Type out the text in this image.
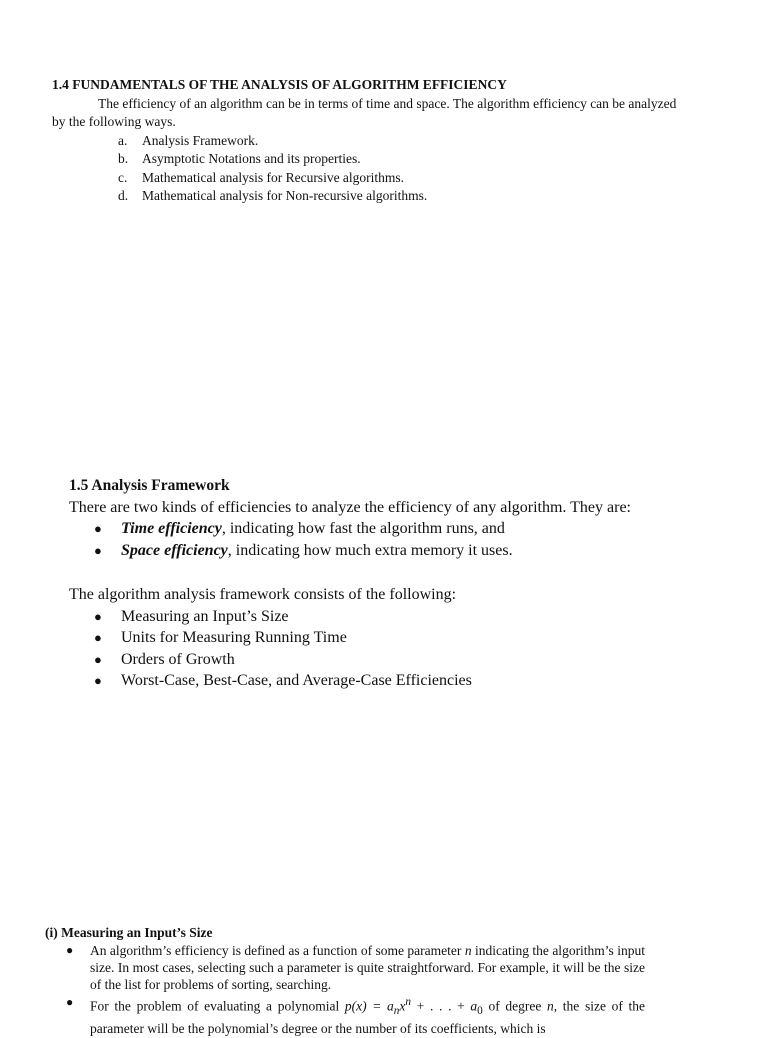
1.4 FUNDAMENTALS OF THE ANALYSIS OF ALGORITHM EFFICIENCY

The efficiency of an algorithm can be in terms of time and space. The algorithm efficiency can be analyzed by the following ways.

a.	Analysis Framework.
b.	Asymptotic Notations and its properties.
c.	Mathematical analysis for Recursive algorithms.
d.	Mathematical analysis for Non-recursive algorithms.

1.5 Analysis Framework

There are two kinds of efficiencies to analyze the efficiency of any algorithm. They are:

●	Time efficiency, indicating how fast the algorithm runs, and
●	Space efficiency, indicating how much extra memory it uses.

The algorithm analysis framework consists of the following:

●	Measuring an Input’s Size
●	Units for Measuring Running Time
●	Orders of Growth
●	Worst-Case, Best-Case, and Average-Case Efficiencies

(i) Measuring an Input’s Size

●	An algorithm’s efficiency is defined as a function of some parameter n indicating the algorithm’s input size. In most cases, selecting such a parameter is quite straightforward. For example, it will be the size of the list for problems of sorting, searching.
●	For the problem of evaluating a polynomial $p(x) = a_nx^n$ + . . . + $a_0$ of degree n, the size of the parameter will be the polynomial’s degree or the number of its coefficients, which is
